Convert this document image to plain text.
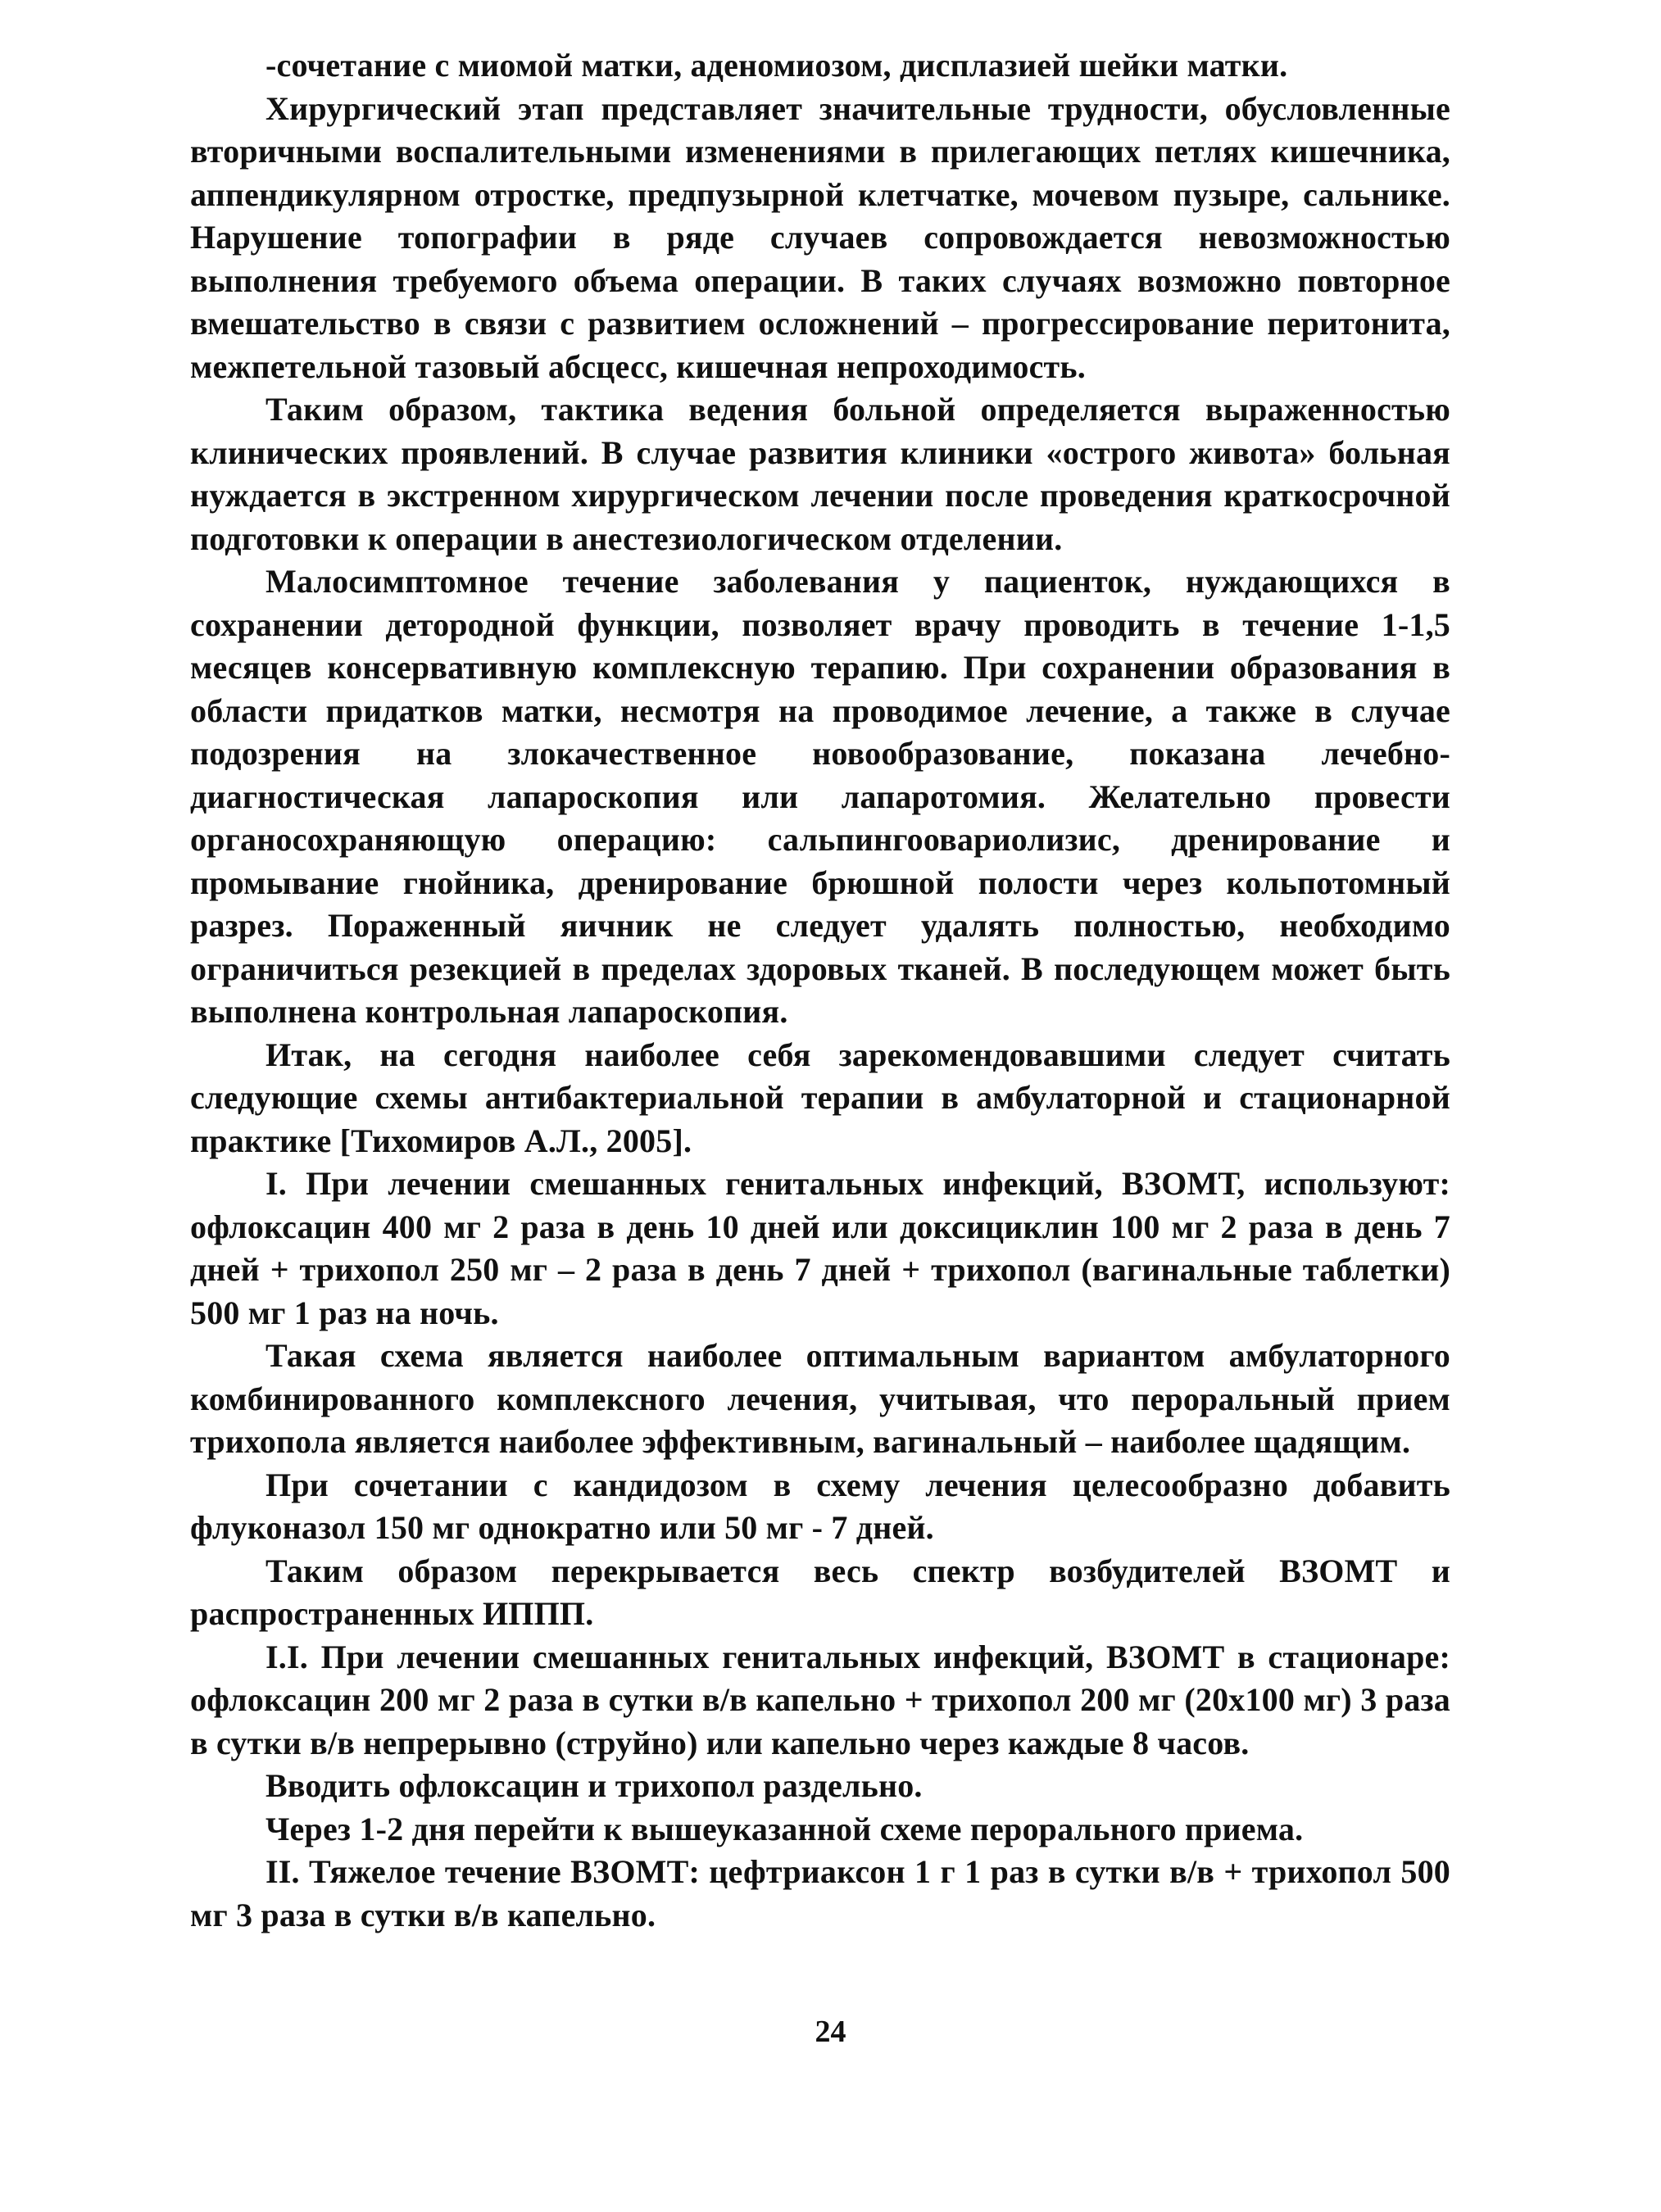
-сочетание с миомой матки, аденомиозом, дисплазией шейки матки.

Хирургический этап представляет значительные трудности, обусловленные вторичными воспалительными изменениями в прилегающих петлях кишечника, аппендикулярном отростке, предпузырной клетчатке, мочевом пузыре, сальнике. Нарушение топографии в ряде случаев сопровождается невозможностью выполнения требуемого объема операции. В таких случаях возможно повторное вмешательство в связи с развитием осложнений – прогрессирование перитонита, межпетельной тазовый абсцесс, кишечная непроходимость.

Таким образом, тактика ведения больной определяется выраженностью клинических проявлений. В случае развития клиники «острого живота» больная нуждается в экстренном хирургическом лечении после проведения краткосрочной подготовки к операции в анестезиологическом отделении.

Малосимптомное течение заболевания у пациенток, нуждающихся в сохранении детородной функции, позволяет врачу проводить в течение 1-1,5 месяцев консервативную комплексную терапию. При сохранении образования в области придатков матки, несмотря на проводимое лечение, а также в случае подозрения на злокачественное новообразование, показана лечебно-диагностическая лапароскопия или лапаротомия. Желательно провести органосохраняющую операцию: сальпингоовариолизис, дренирование и промывание гнойника, дренирование брюшной полости через кольпотомный разрез. Пораженный яичник не следует удалять полностью, необходимо ограничиться резекцией в пределах здоровых тканей. В последующем может быть выполнена контрольная лапароскопия.

Итак, на сегодня наиболее себя зарекомендовавшими следует считать следующие схемы антибактериальной терапии в амбулаторной и стационарной практике [Тихомиров А.Л., 2005].

I. При лечении смешанных генитальных инфекций, ВЗОМТ, используют: офлоксацин 400 мг 2 раза в день 10 дней или доксициклин 100 мг 2 раза в день 7 дней + трихопол 250 мг – 2 раза в день 7 дней + трихопол (вагинальные таблетки) 500 мг 1 раз на ночь.

Такая схема является наиболее оптимальным вариантом амбулаторного комбинированного комплексного лечения, учитывая, что пероральный прием трихопола является наиболее эффективным, вагинальный – наиболее щадящим.

При сочетании с кандидозом в схему лечения целесообразно добавить флуконазол 150 мг однократно или 50 мг - 7 дней.

Таким образом перекрывается весь спектр возбудителей ВЗОМТ и распространенных ИППП.

I.I. При лечении смешанных генитальных инфекций, ВЗОМТ в стационаре: офлоксацин 200 мг 2 раза в сутки в/в капельно + трихопол 200 мг (20х100 мг) 3 раза в сутки в/в непрерывно (струйно) или капельно через каждые 8 часов.

Вводить офлоксацин и трихопол раздельно.

Через 1-2 дня перейти к вышеуказанной схеме перорального приема.

II. Тяжелое течение ВЗОМТ: цефтриаксон 1 г 1 раз в сутки в/в + трихопол 500 мг 3 раза в сутки в/в капельно.

24
